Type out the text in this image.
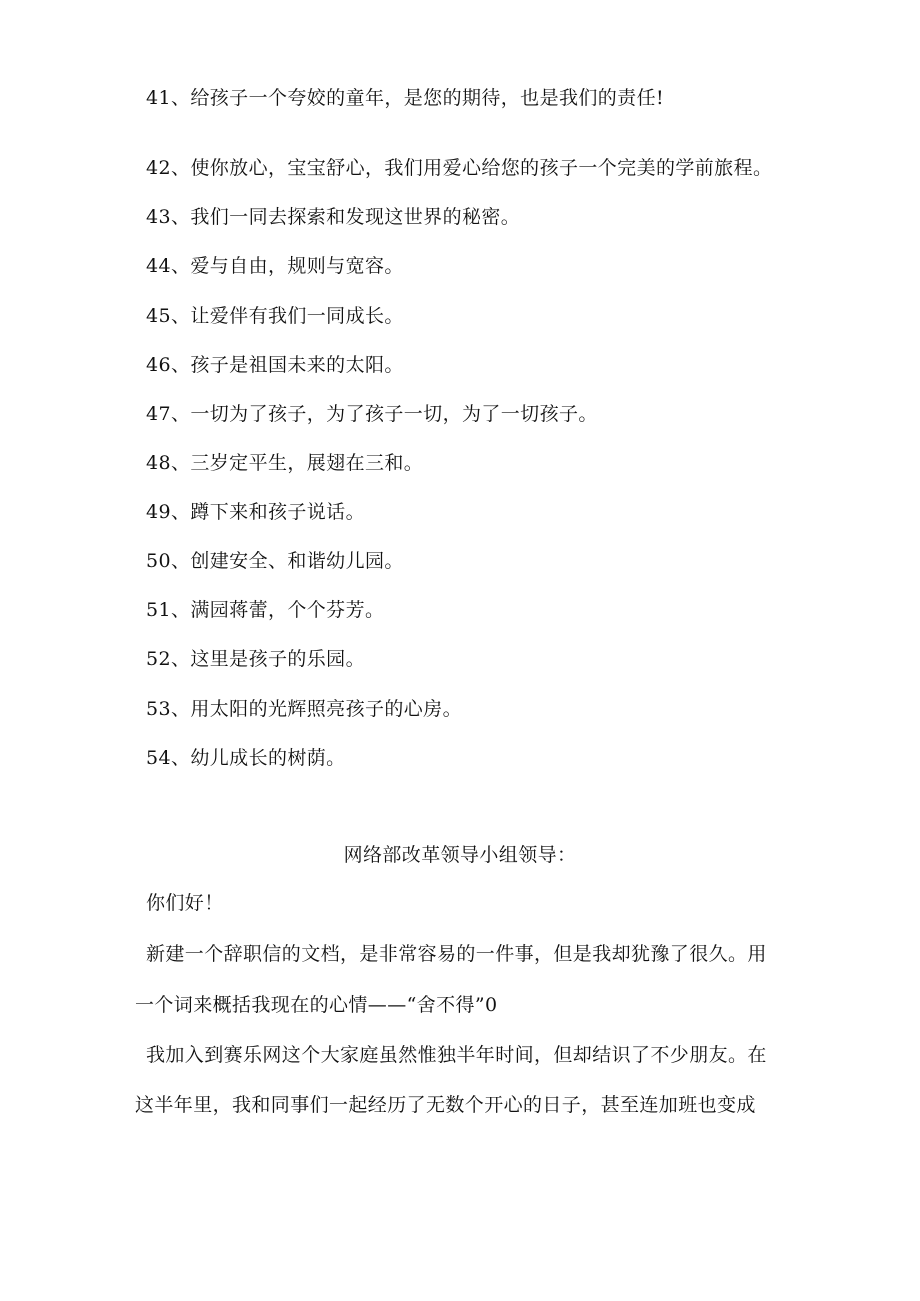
41、给孩子一个夸姣的童年，是您的期待，也是我们的责任!
42、使你放心，宝宝舒心，我们用爱心给您的孩子一个完美的学前旅程。
43、我们一同去探索和发现这世界的秘密。
44、爱与自由，规则与宽容。
45、让爱伴有我们一同成长。
46、孩子是祖国未来的太阳。
47、一切为了孩子，为了孩子一切，为了一切孩子。
48、三岁定平生，展翅在三和。
49、蹲下来和孩子说话。
50、创建安全、和谐幼儿园。
51、满园蒋蕾，个个芬芳。
52、这里是孩子的乐园。
53、用太阳的光辉照亮孩子的心房。
54、幼儿成长的树荫。
网络部改革领导小组领导：
你们好！
新建一个辞职信的文档，是非常容易的一件事，但是我却犹豫了很久。用
一个词来概括我现在的心情——“舍不得”0
我加入到赛乐网这个大家庭虽然惟独半年时间，但却结识了不少朋友。在
这半年里，我和同事们一起经历了无数个开心的日子，甚至连加班也变成
